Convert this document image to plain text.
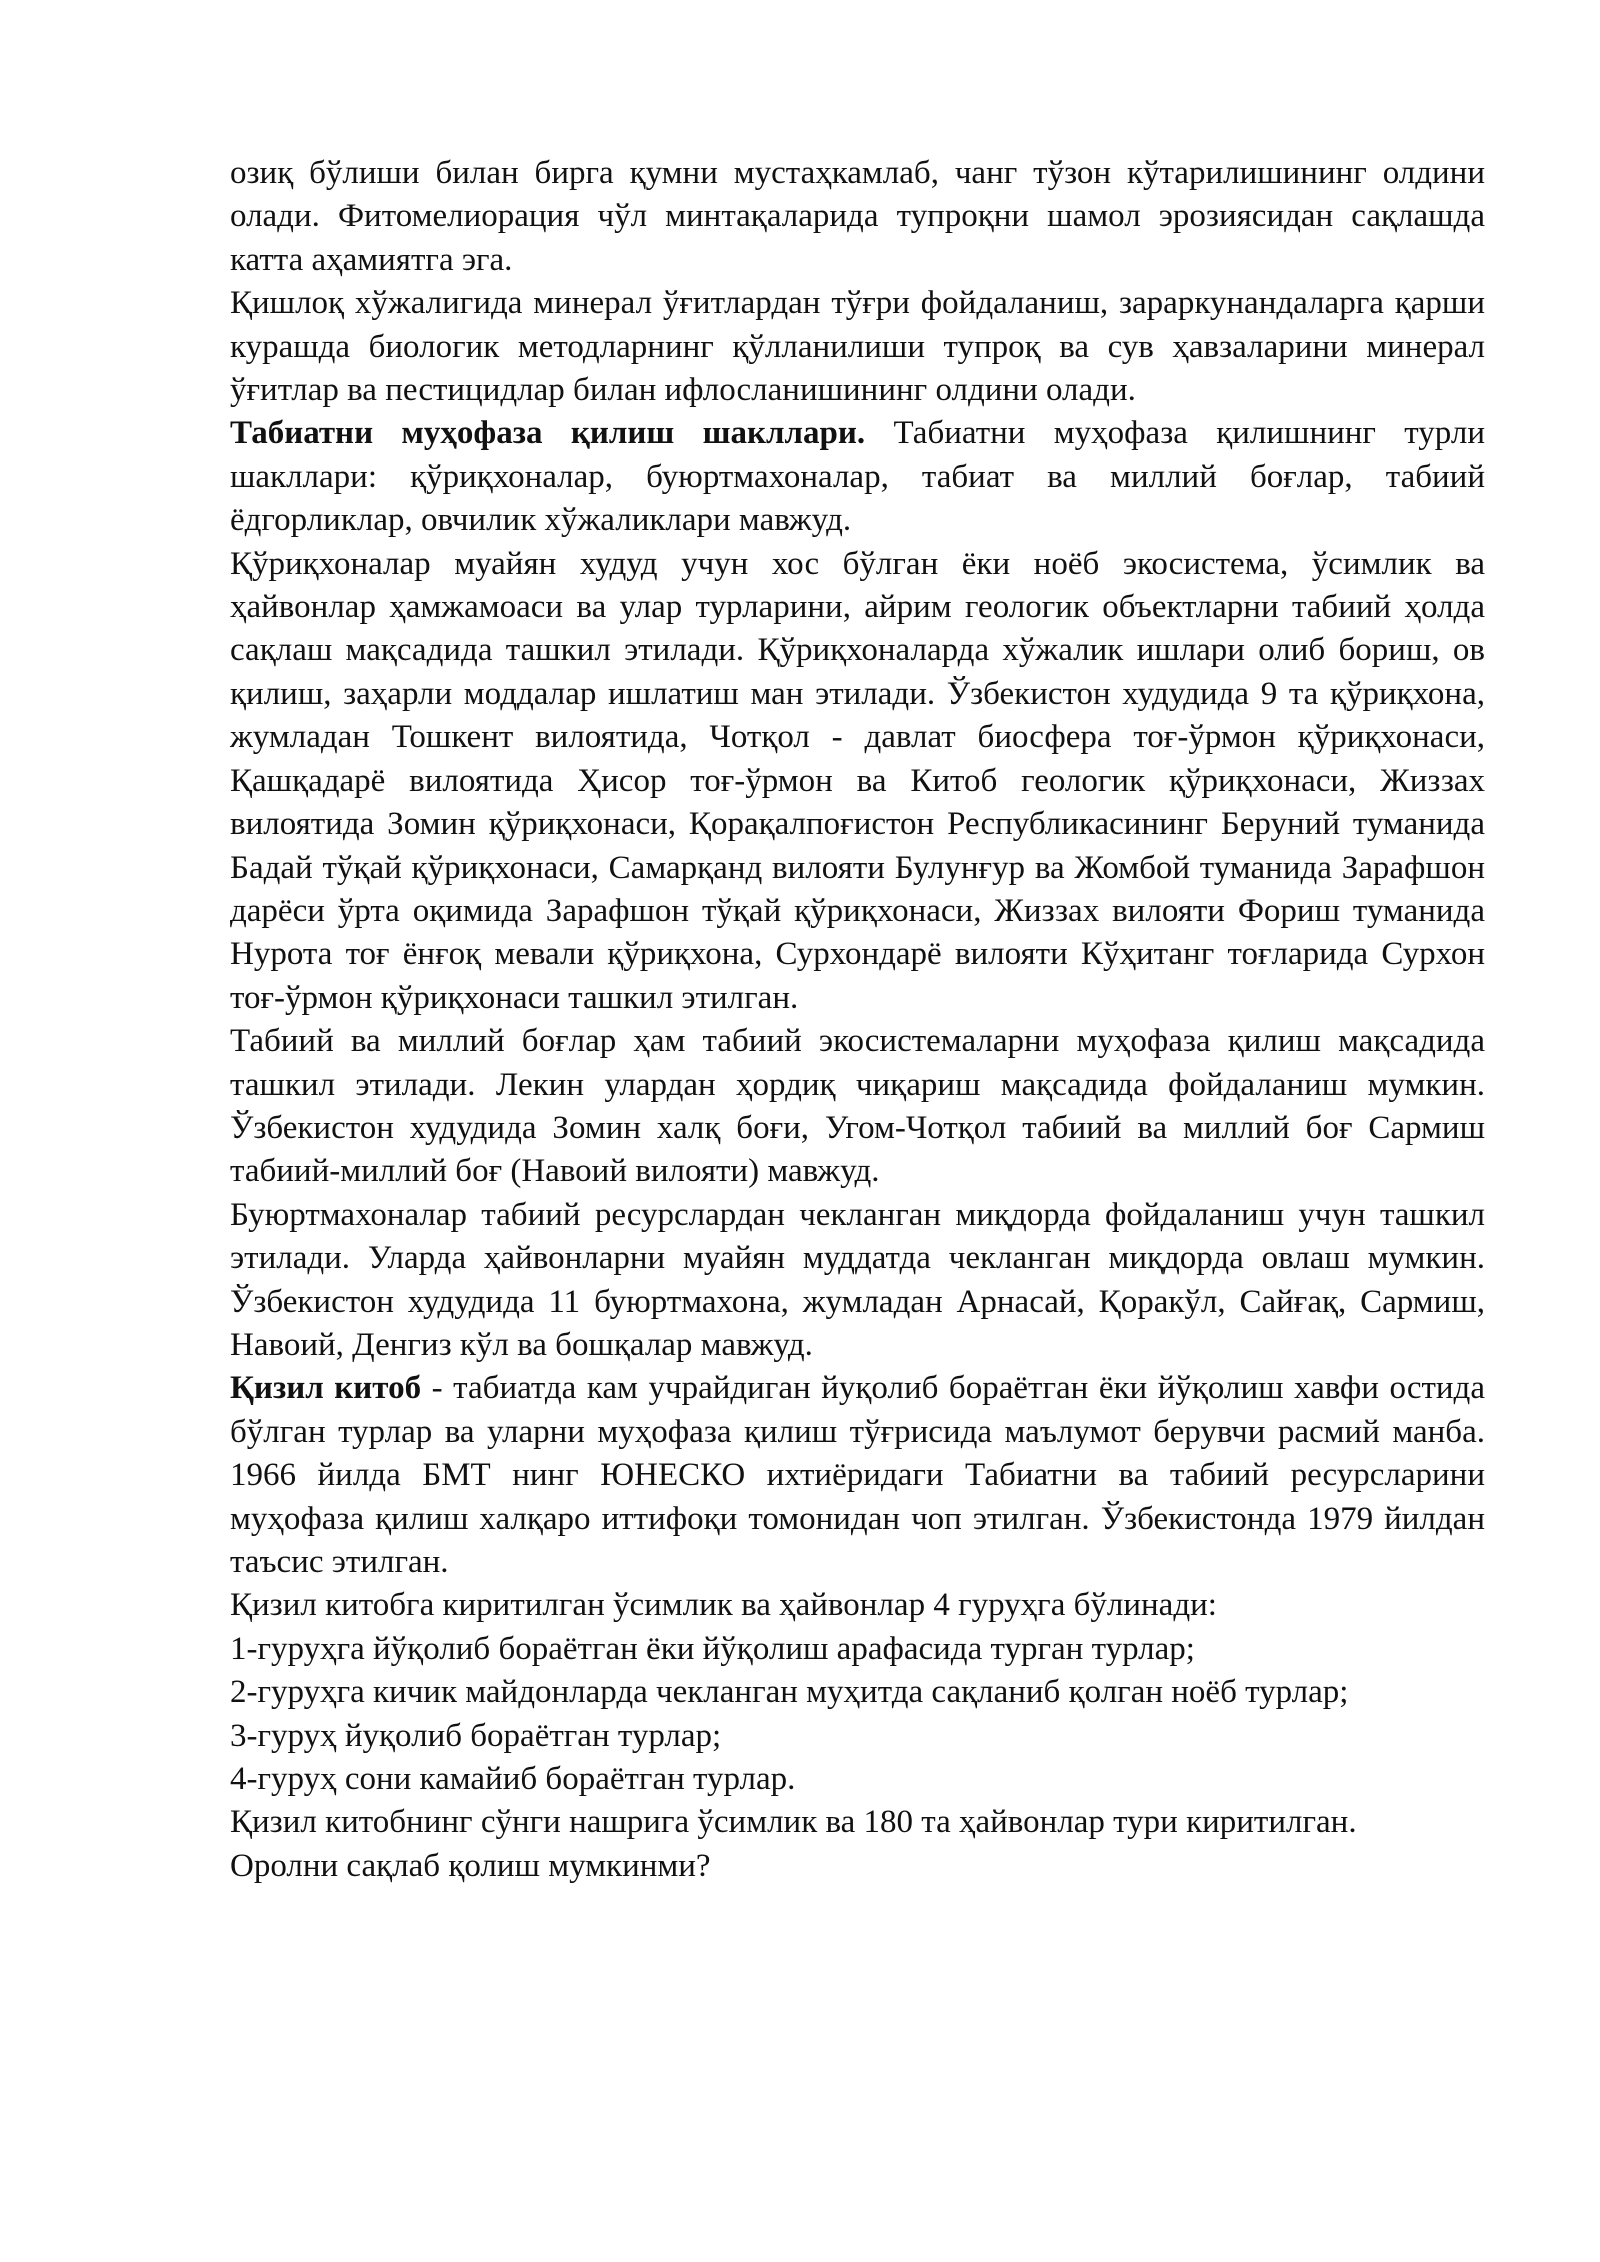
озиқ бўлиши билан бирга қумни мустаҳкамлаб, чанг тўзон кўтарилишининг олдини олади. Фитомелиорация чўл минтақаларида тупроқни шамол эрозиясидан сақлашда катта аҳамиятга эга.

Қишлоқ хўжалигида минерал ўғитлардан тўғри фойдаланиш, зараркунандаларга қарши курашда биологик методларнинг қўлланилиши тупроқ ва сув ҳавзаларини минерал ўғитлар ва пестицидлар билан ифлосланишининг олдини олади.

Табиатни муҳофаза қилиш шакллари. Табиатни муҳофаза қилишнинг турли шакллари: қўриқхоналар, буюртмахоналар, табиат ва миллий боғлар, табиий ёдгорликлар, овчилик хўжаликлари мавжуд.

Қўриқхоналар муайян худуд учун хос бўлган ёки ноёб экосистема, ўсимлик ва ҳайвонлар ҳамжамоаси ва улар турларини, айрим геологик объектларни табиий ҳолда сақлаш мақсадида ташкил этилади. Қўриқхоналарда хўжалик ишлари олиб бориш, ов қилиш, заҳарли моддалар ишлатиш ман этилади. Ўзбекистон худудида 9 та қўриқхона, жумладан Тошкент вилоятида, Чотқол - давлат биосфера тоғ-ўрмон қўриқхонаси, Қашқадарё вилоятида Ҳисор тоғ-ўрмон ва Китоб геологик қўриқхонаси, Жиззах вилоятида Зомин қўриқхонаси, Қорақалпоғистон Республикасининг Беруний туманида Бадай тўқай қўриқхонаси, Самарқанд вилояти Булунғур ва Жомбой туманида Зарафшон дарёси ўрта оқимида Зарафшон тўқай қўриқхонаси, Жиззах вилояти Фориш туманида Нурота тоғ ёнғоқ мевали қўриқхона, Сурхондарё вилояти Кўҳитанг тоғларида Сурхон тоғ-ўрмон қўриқхонаси ташкил этилган.

Табиий ва миллий боғлар ҳам табиий экосистемаларни муҳофаза қилиш мақсадида ташкил этилади. Лекин улардан ҳордиқ чиқариш мақсадида фойдаланиш мумкин. Ўзбекистон худудида Зомин халқ боғи, Угом-Чотқол табиий ва миллий боғ Сармиш табиий-миллий боғ (Навоий вилояти) мавжуд.

Буюртмахоналар табиий ресурслардан чекланган миқдорда фойдаланиш учун ташкил этилади. Уларда ҳайвонларни муайян муддатда чекланган миқдорда овлаш мумкин. Ўзбекистон худудида 11 буюртмахона, жумладан Арнасай, Қоракўл, Сайғақ, Сармиш, Навоий, Денгиз кўл ва бошқалар мавжуд.

Қизил китоб - табиатда кам учрайдиган йуқолиб бораётган ёки йўқолиш хавфи остида бўлган турлар ва уларни муҳофаза қилиш тўғрисида маълумот берувчи расмий манба. 1966 йилда БМТ нинг ЮНЕСКО ихтиёридаги Табиатни ва табиий ресурсларини муҳофаза қилиш халқаро иттифоқи томонидан чоп этилган. Ўзбекистонда 1979 йилдан таъсис этилган.

Қизил китобга киритилган ўсимлик ва ҳайвонлар 4 гуруҳга бўлинади:

1-гуруҳга йўқолиб бораётган ёки йўқолиш арафасида турган турлар;

2-гуруҳга кичик майдонларда чекланган муҳитда сақланиб қолган ноёб турлар;

3-гуруҳ йуқолиб бораётган турлар;

4-гуруҳ сони камайиб бораётган турлар.

Қизил китобнинг сўнги нашрига ўсимлик ва 180 та ҳайвонлар тури киритилган.

Оролни сақлаб қолиш мумкинми?
